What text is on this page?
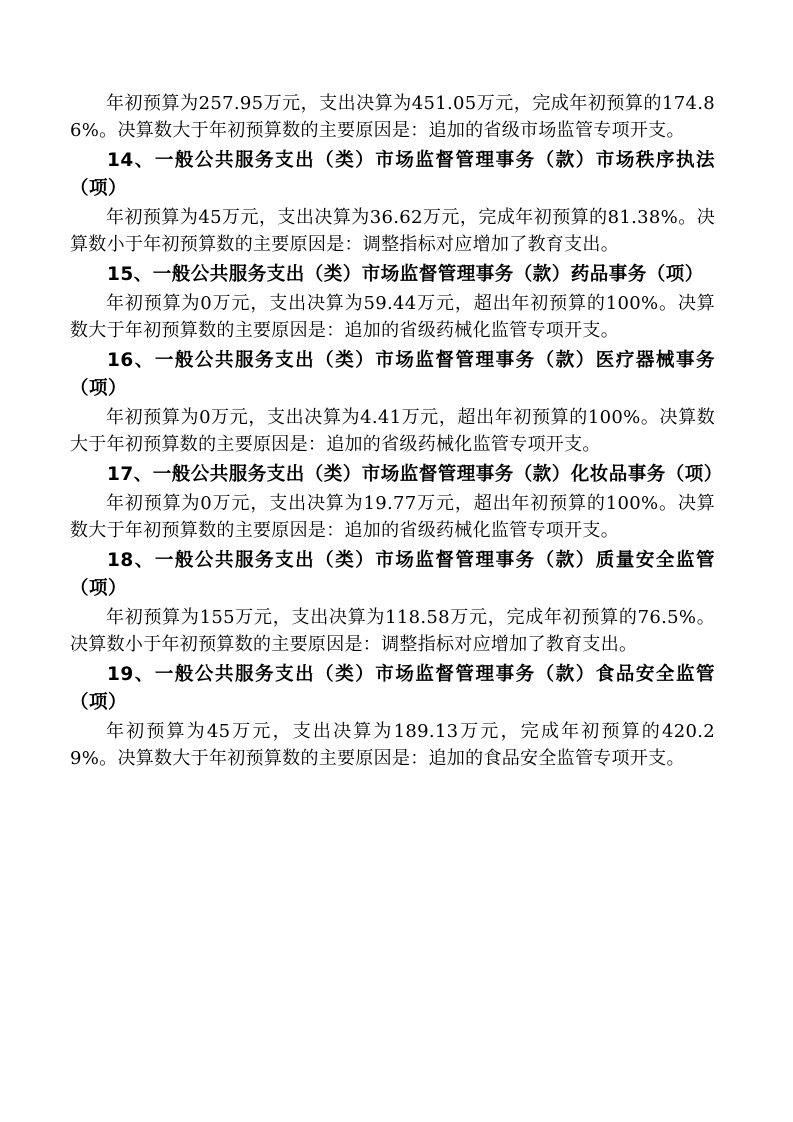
年初预算为257.95万元，支出决算为451.05万元，完成年初预算的174.86%。决算数大于年初预算数的主要原因是：追加的省级市场监管专项开支。

14、一般公共服务支出（类）市场监督管理事务（款）市场秩序执法（项）

年初预算为45万元，支出决算为36.62万元，完成年初预算的81.38%。决算数小于年初预算数的主要原因是：调整指标对应增加了教育支出。

15、一般公共服务支出（类）市场监督管理事务（款）药品事务（项）

年初预算为0万元，支出决算为59.44万元，超出年初预算的100%。决算数大于年初预算数的主要原因是：追加的省级药械化监管专项开支。

16、一般公共服务支出（类）市场监督管理事务（款）医疗器械事务（项）

年初预算为0万元，支出决算为4.41万元，超出年初预算的100%。决算数大于年初预算数的主要原因是：追加的省级药械化监管专项开支。

17、一般公共服务支出（类）市场监督管理事务（款）化妆品事务（项）

年初预算为0万元，支出决算为19.77万元，超出年初预算的100%。决算数大于年初预算数的主要原因是：追加的省级药械化监管专项开支。

18、一般公共服务支出（类）市场监督管理事务（款）质量安全监管（项）

年初预算为155万元，支出决算为118.58万元，完成年初预算的76.5%。决算数小于年初预算数的主要原因是：调整指标对应增加了教育支出。

19、一般公共服务支出（类）市场监督管理事务（款）食品安全监管（项）

年初预算为45万元，支出决算为189.13万元，完成年初预算的420.29%。决算数大于年初预算数的主要原因是：追加的食品安全监管专项开支。
